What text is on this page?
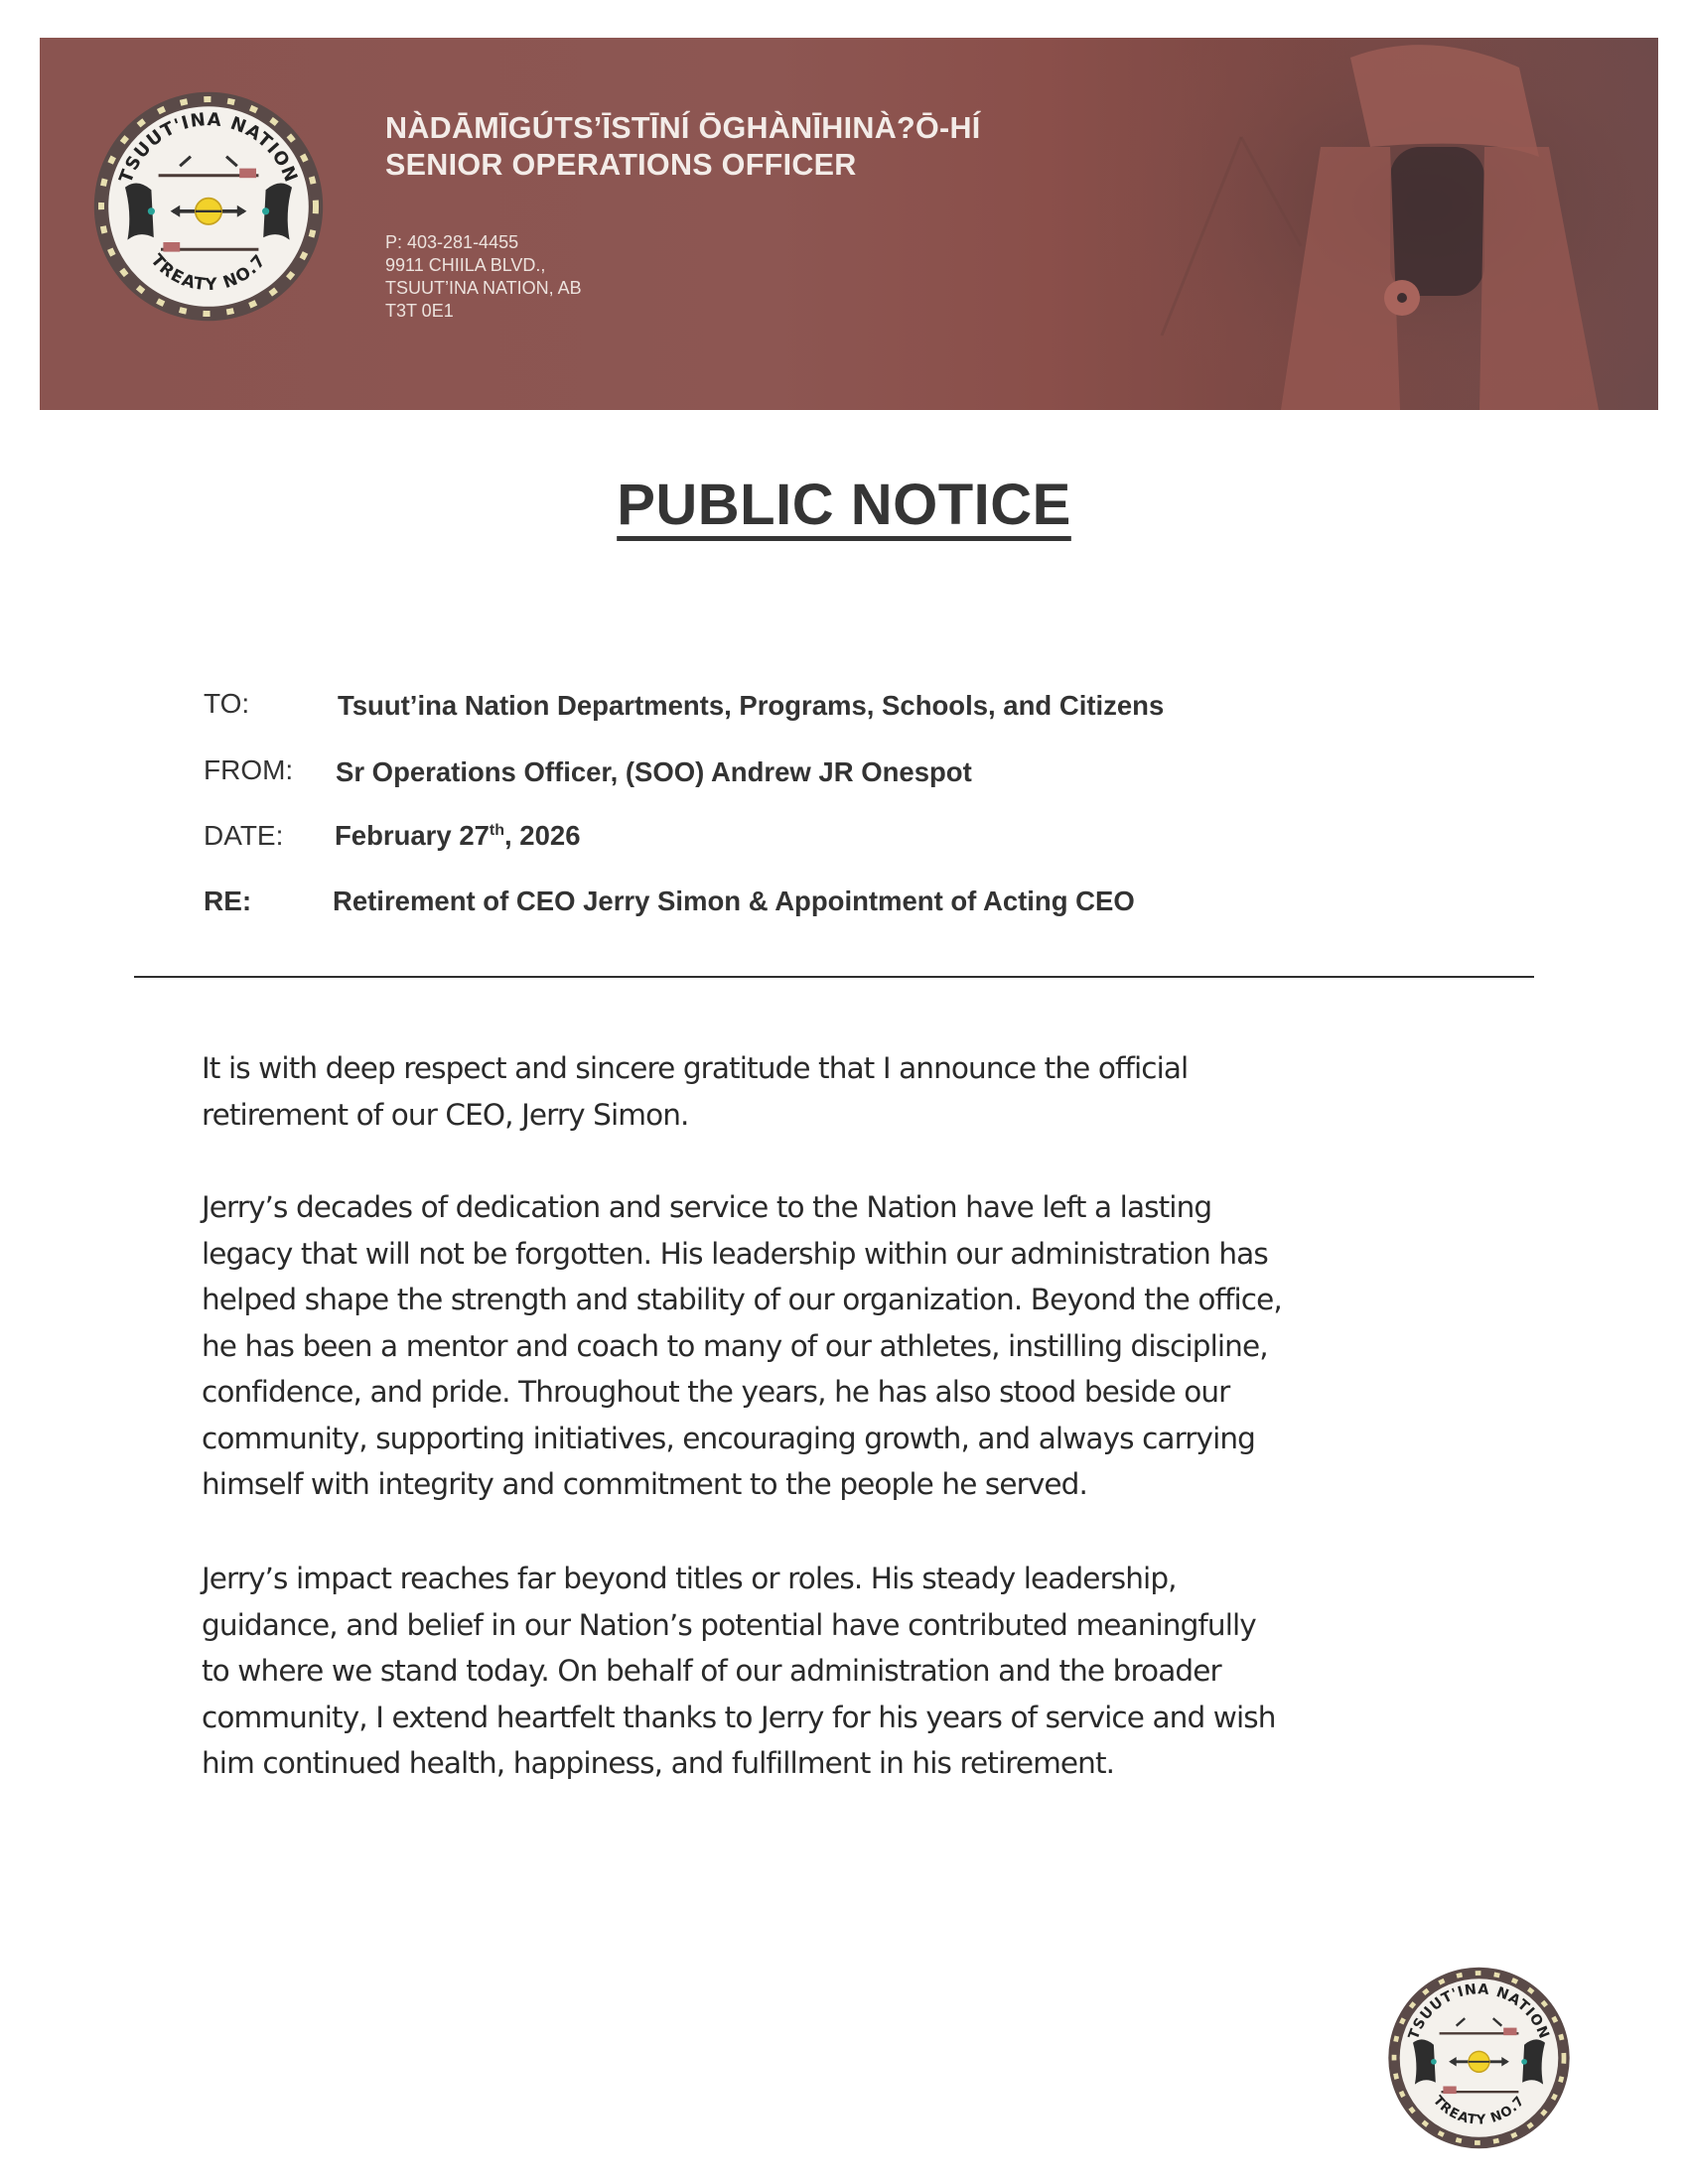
TSUUT'INA NATION
TREATY NO.7
NÀDĀMĪGÚTS’ĪSTĪNÍ ŌGHÀNĪHINÀ?Ō-HÍ
SENIOR OPERATIONS OFFICER
P: 403-281-4455
9911 CHIILA BLVD.,
TSUUT’INA NATION, AB
T3T 0E1
PUBLIC NOTICE
TO:	Tsuut’ina Nation Departments, Programs, Schools, and Citizens
FROM: Sr Operations Officer, (SOO) Andrew JR Onespot
DATE: February 27th, 2026
RE:	Retirement of CEO Jerry Simon & Appointment of Acting CEO

It is with deep respect and sincere gratitude that I announce the official

retirement of our CEO, Jerry Simon.

Jerry’s decades of dedication and service to the Nation have left a lasting

legacy that will not be forgotten. His leadership within our administration has

helped shape the strength and stability of our organization. Beyond the office,

he has been a mentor and coach to many of our athletes, instilling discipline,

confidence, and pride. Throughout the years, he has also stood beside our

community, supporting initiatives, encouraging growth, and always carrying

himself with integrity and commitment to the people he served.

Jerry’s impact reaches far beyond titles or roles. His steady leadership,

guidance, and belief in our Nation’s potential have contributed meaningfully

to where we stand today. On behalf of our administration and the broader

community, I extend heartfelt thanks to Jerry for his years of service and wish

him continued health, happiness, and fulfillment in his retirement.

TSUUT'INA NATION
TREATY NO.7
